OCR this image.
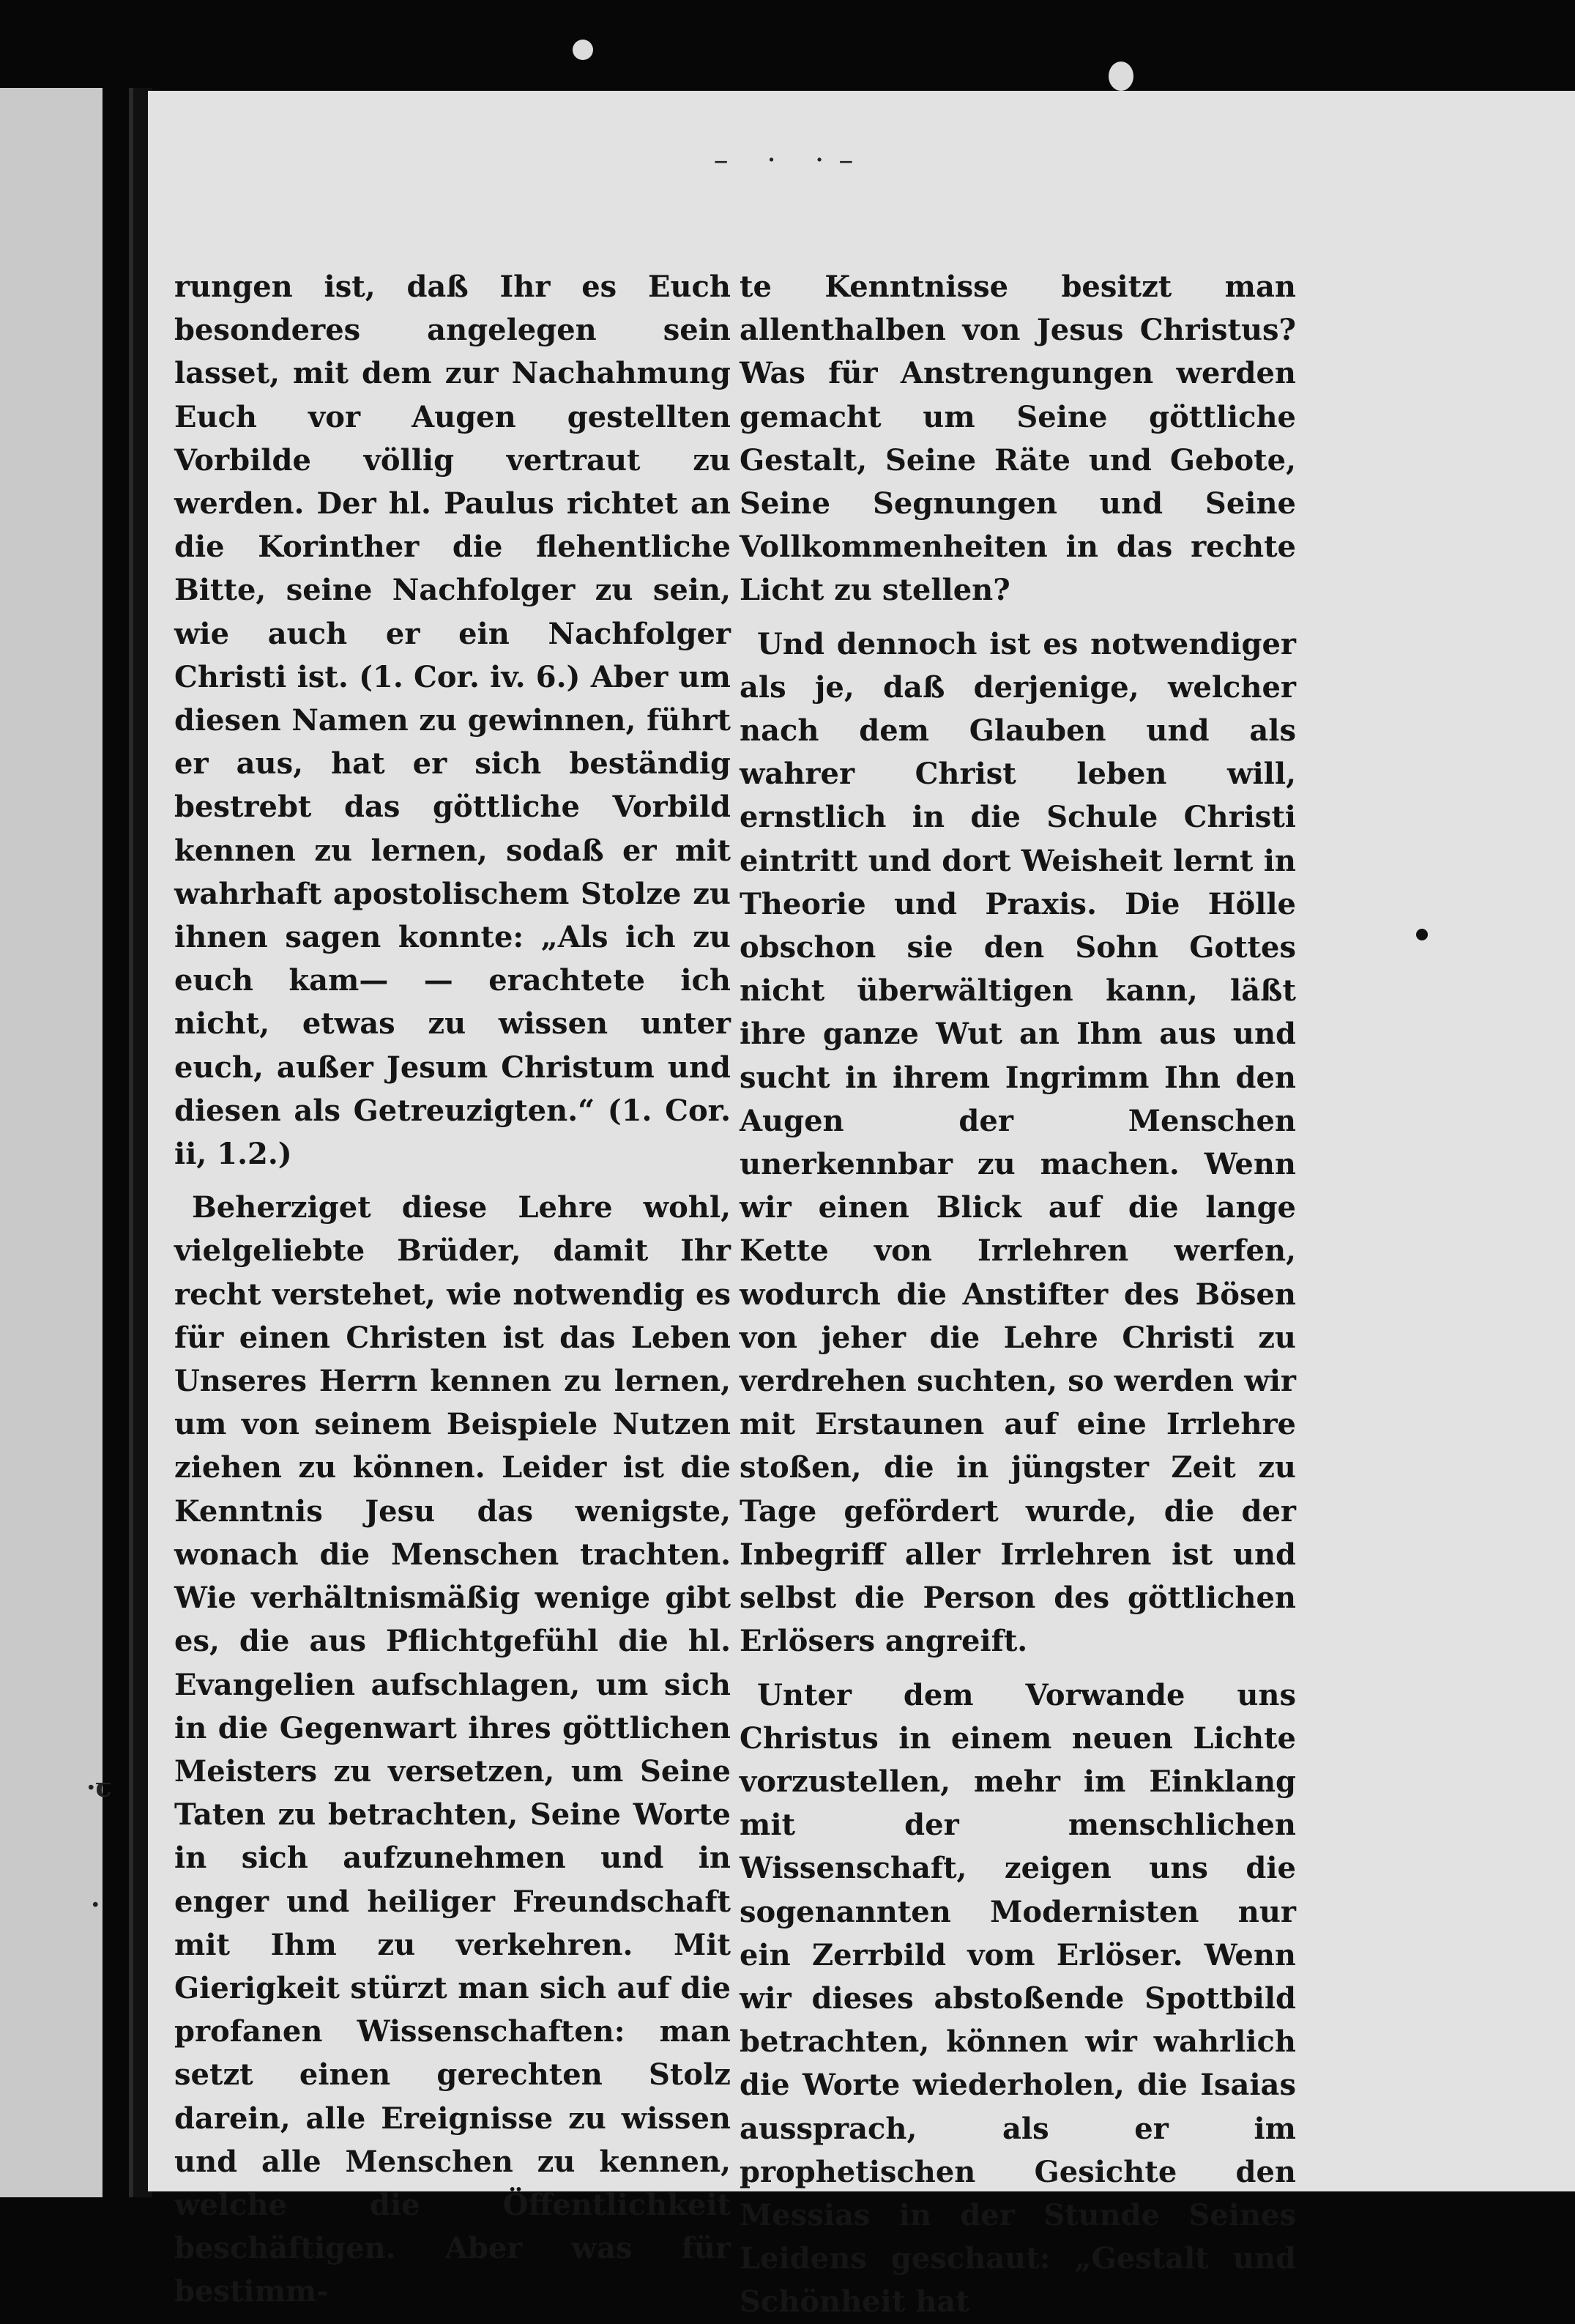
– · ·–
·ꞇ
·

rungen ist, daß Ihr es Euch besonderes angelegen sein lasset, mit dem zur Nachahmung Euch vor Augen gestellten Vorbilde völlig vertraut zu werden. Der hl. Paulus richtet an die Korinther die flehentliche Bitte, seine Nachfolger zu sein, wie auch er ein Nachfolger Christi ist. (1. Cor. iv. 6.) Aber um diesen Namen zu gewinnen, führt er aus, hat er sich beständig bestrebt das göttliche Vorbild kennen zu lernen, sodaß er mit wahrhaft apostolischem Stolze zu ihnen sagen konnte: „Als ich zu euch kam— — erachtete ich nicht, etwas zu wissen unter euch, außer Jesum Christum und diesen als Getreuzigten.“ (1. Cor. ii, 1.2.)

Beherziget diese Lehre wohl, vielgeliebte Brüder, damit Ihr recht verstehet, wie notwendig es für einen Christen ist das Leben Unseres Herrn kennen zu lernen, um von seinem Beispiele Nutzen ziehen zu können. Leider ist die Kenntnis Jesu das wenigste, wonach die Menschen trachten. Wie verhältnismäßig wenige gibt es, die aus Pflichtgefühl die hl. Evangelien aufschlagen, um sich in die Gegenwart ihres göttlichen Meisters zu versetzen, um Seine Taten zu betrachten, Seine Worte in sich aufzunehmen und in enger und heiliger Freundschaft mit Ihm zu verkehren. Mit Gierigkeit stürzt man sich auf die profanen Wissenschaften: man setzt einen gerechten Stolz darein, alle Ereignisse zu wissen und alle Menschen zu kennen, welche die Öffentlichkeit beschäftigen. Aber was für bestimm-

te Kenntnisse besitzt man allenthalben von Jesus Christus? Was für Anstrengungen werden gemacht um Seine göttliche Gestalt, Seine Räte und Gebote, Seine Segnungen und Seine Vollkommenheiten in das rechte Licht zu stellen?

Und dennoch ist es notwendiger als je, daß derjenige, welcher nach dem Glauben und als wahrer Christ leben will, ernstlich in die Schule Christi eintritt und dort Weisheit lernt in Theorie und Praxis. Die Hölle obschon sie den Sohn Gottes nicht überwältigen kann, läßt ihre ganze Wut an Ihm aus und sucht in ihrem Ingrimm Ihn den Augen der Menschen unerkennbar zu machen. Wenn wir einen Blick auf die lange Kette von Irrlehren werfen, wodurch die Anstifter des Bösen von jeher die Lehre Christi zu verdrehen suchten, so werden wir mit Erstaunen auf eine Irrlehre stoßen, die in jüngster Zeit zu Tage gefördert wurde, die der Inbegriff aller Irrlehren ist und selbst die Person des göttlichen Erlösers angreift.

Unter dem Vorwande uns Christus in einem neuen Lichte vorzustellen, mehr im Einklang mit der menschlichen Wissenschaft, zeigen uns die sogenannten Modernisten nur ein Zerrbild vom Erlöser. Wenn wir dieses abstoßende Spottbild betrachten, können wir wahrlich die Worte wiederholen, die Isaias aussprach, als er im prophetischen Gesichte den Messias in der Stunde Seines Leidens geschaut: „Gestalt und Schönheit hat
